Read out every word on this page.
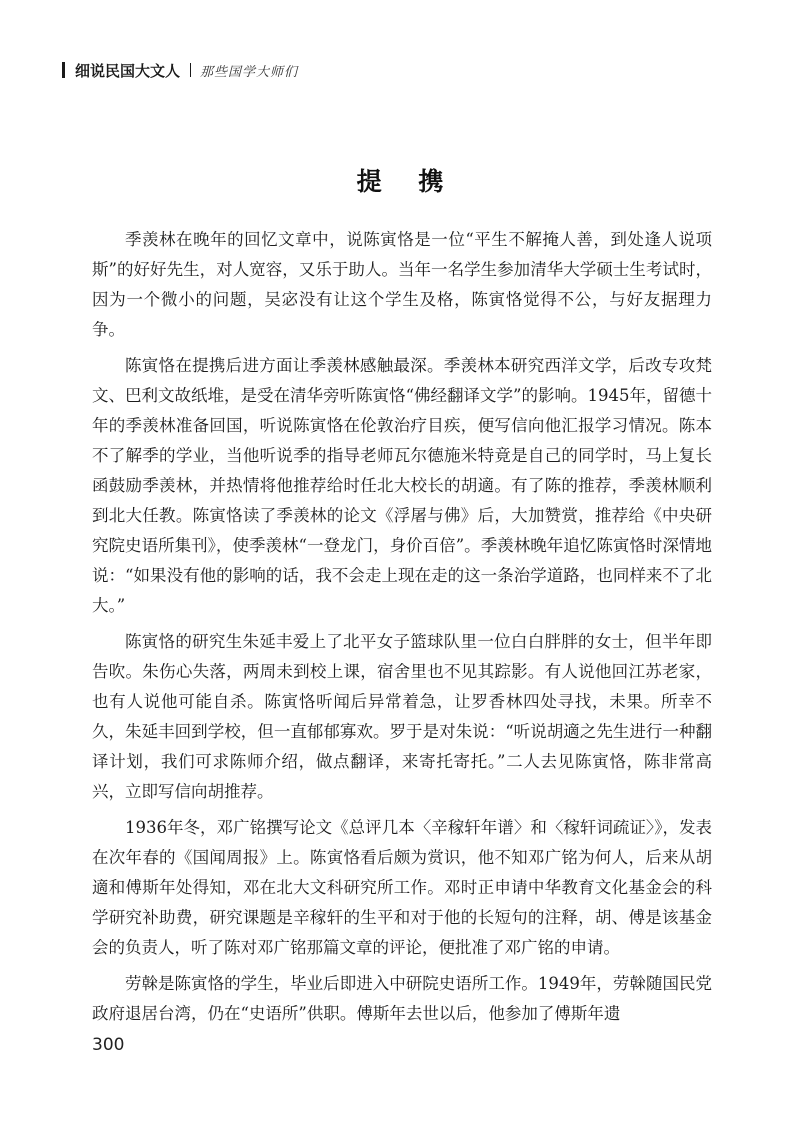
细说民国大文人 那些国学大师们
提 携

季羡林在晚年的回忆文章中，说陈寅恪是一位“平生不解掩人善，到处逢人说项斯”的好好先生，对人宽容，又乐于助人。当年一名学生参加清华大学硕士生考试时，因为一个微小的问题，吴宓没有让这个学生及格，陈寅恪觉得不公，与好友据理力争。

陈寅恪在提携后进方面让季羡林感触最深。季羡林本研究西洋文学，后改专攻梵文、巴利文故纸堆，是受在清华旁听陈寅恪“佛经翻译文学”的影响。1945年，留德十年的季羡林准备回国，听说陈寅恪在伦敦治疗目疾，便写信向他汇报学习情况。陈本不了解季的学业，当他听说季的指导老师瓦尔德施米特竟是自己的同学时，马上复长函鼓励季羡林，并热情将他推荐给时任北大校长的胡適。有了陈的推荐，季羡林顺利到北大任教。陈寅恪读了季羡林的论文《浮屠与佛》后，大加赞赏，推荐给《中央研究院史语所集刊》，使季羡林“一登龙门，身价百倍”。季羡林晚年追忆陈寅恪时深情地说：“如果没有他的影响的话，我不会走上现在走的这一条治学道路，也同样来不了北大。”

陈寅恪的研究生朱延丰爱上了北平女子篮球队里一位白白胖胖的女士，但半年即告吹。朱伤心失落，两周未到校上课，宿舍里也不见其踪影。有人说他回江苏老家，也有人说他可能自杀。陈寅恪听闻后异常着急，让罗香林四处寻找，未果。所幸不久，朱延丰回到学校，但一直郁郁寡欢。罗于是对朱说：“听说胡適之先生进行一种翻译计划，我们可求陈师介绍，做点翻译，来寄托寄托。”二人去见陈寅恪，陈非常高兴，立即写信向胡推荐。

1936年冬，邓广铭撰写论文《总评几本〈辛稼轩年谱〉和〈稼轩词疏证〉》，发表在次年春的《国闻周报》上。陈寅恪看后颇为赏识，他不知邓广铭为何人，后来从胡適和傅斯年处得知，邓在北大文科研究所工作。邓时正申请中华教育文化基金会的科学研究补助费，研究课题是辛稼轩的生平和对于他的长短句的注释，胡、傅是该基金会的负责人，听了陈对邓广铭那篇文章的评论，便批准了邓广铭的申请。

劳榦是陈寅恪的学生，毕业后即进入中研院史语所工作。1949年，劳榦随国民党政府退居台湾，仍在“史语所”供职。傅斯年去世以后，他参加了傅斯年遗

300
